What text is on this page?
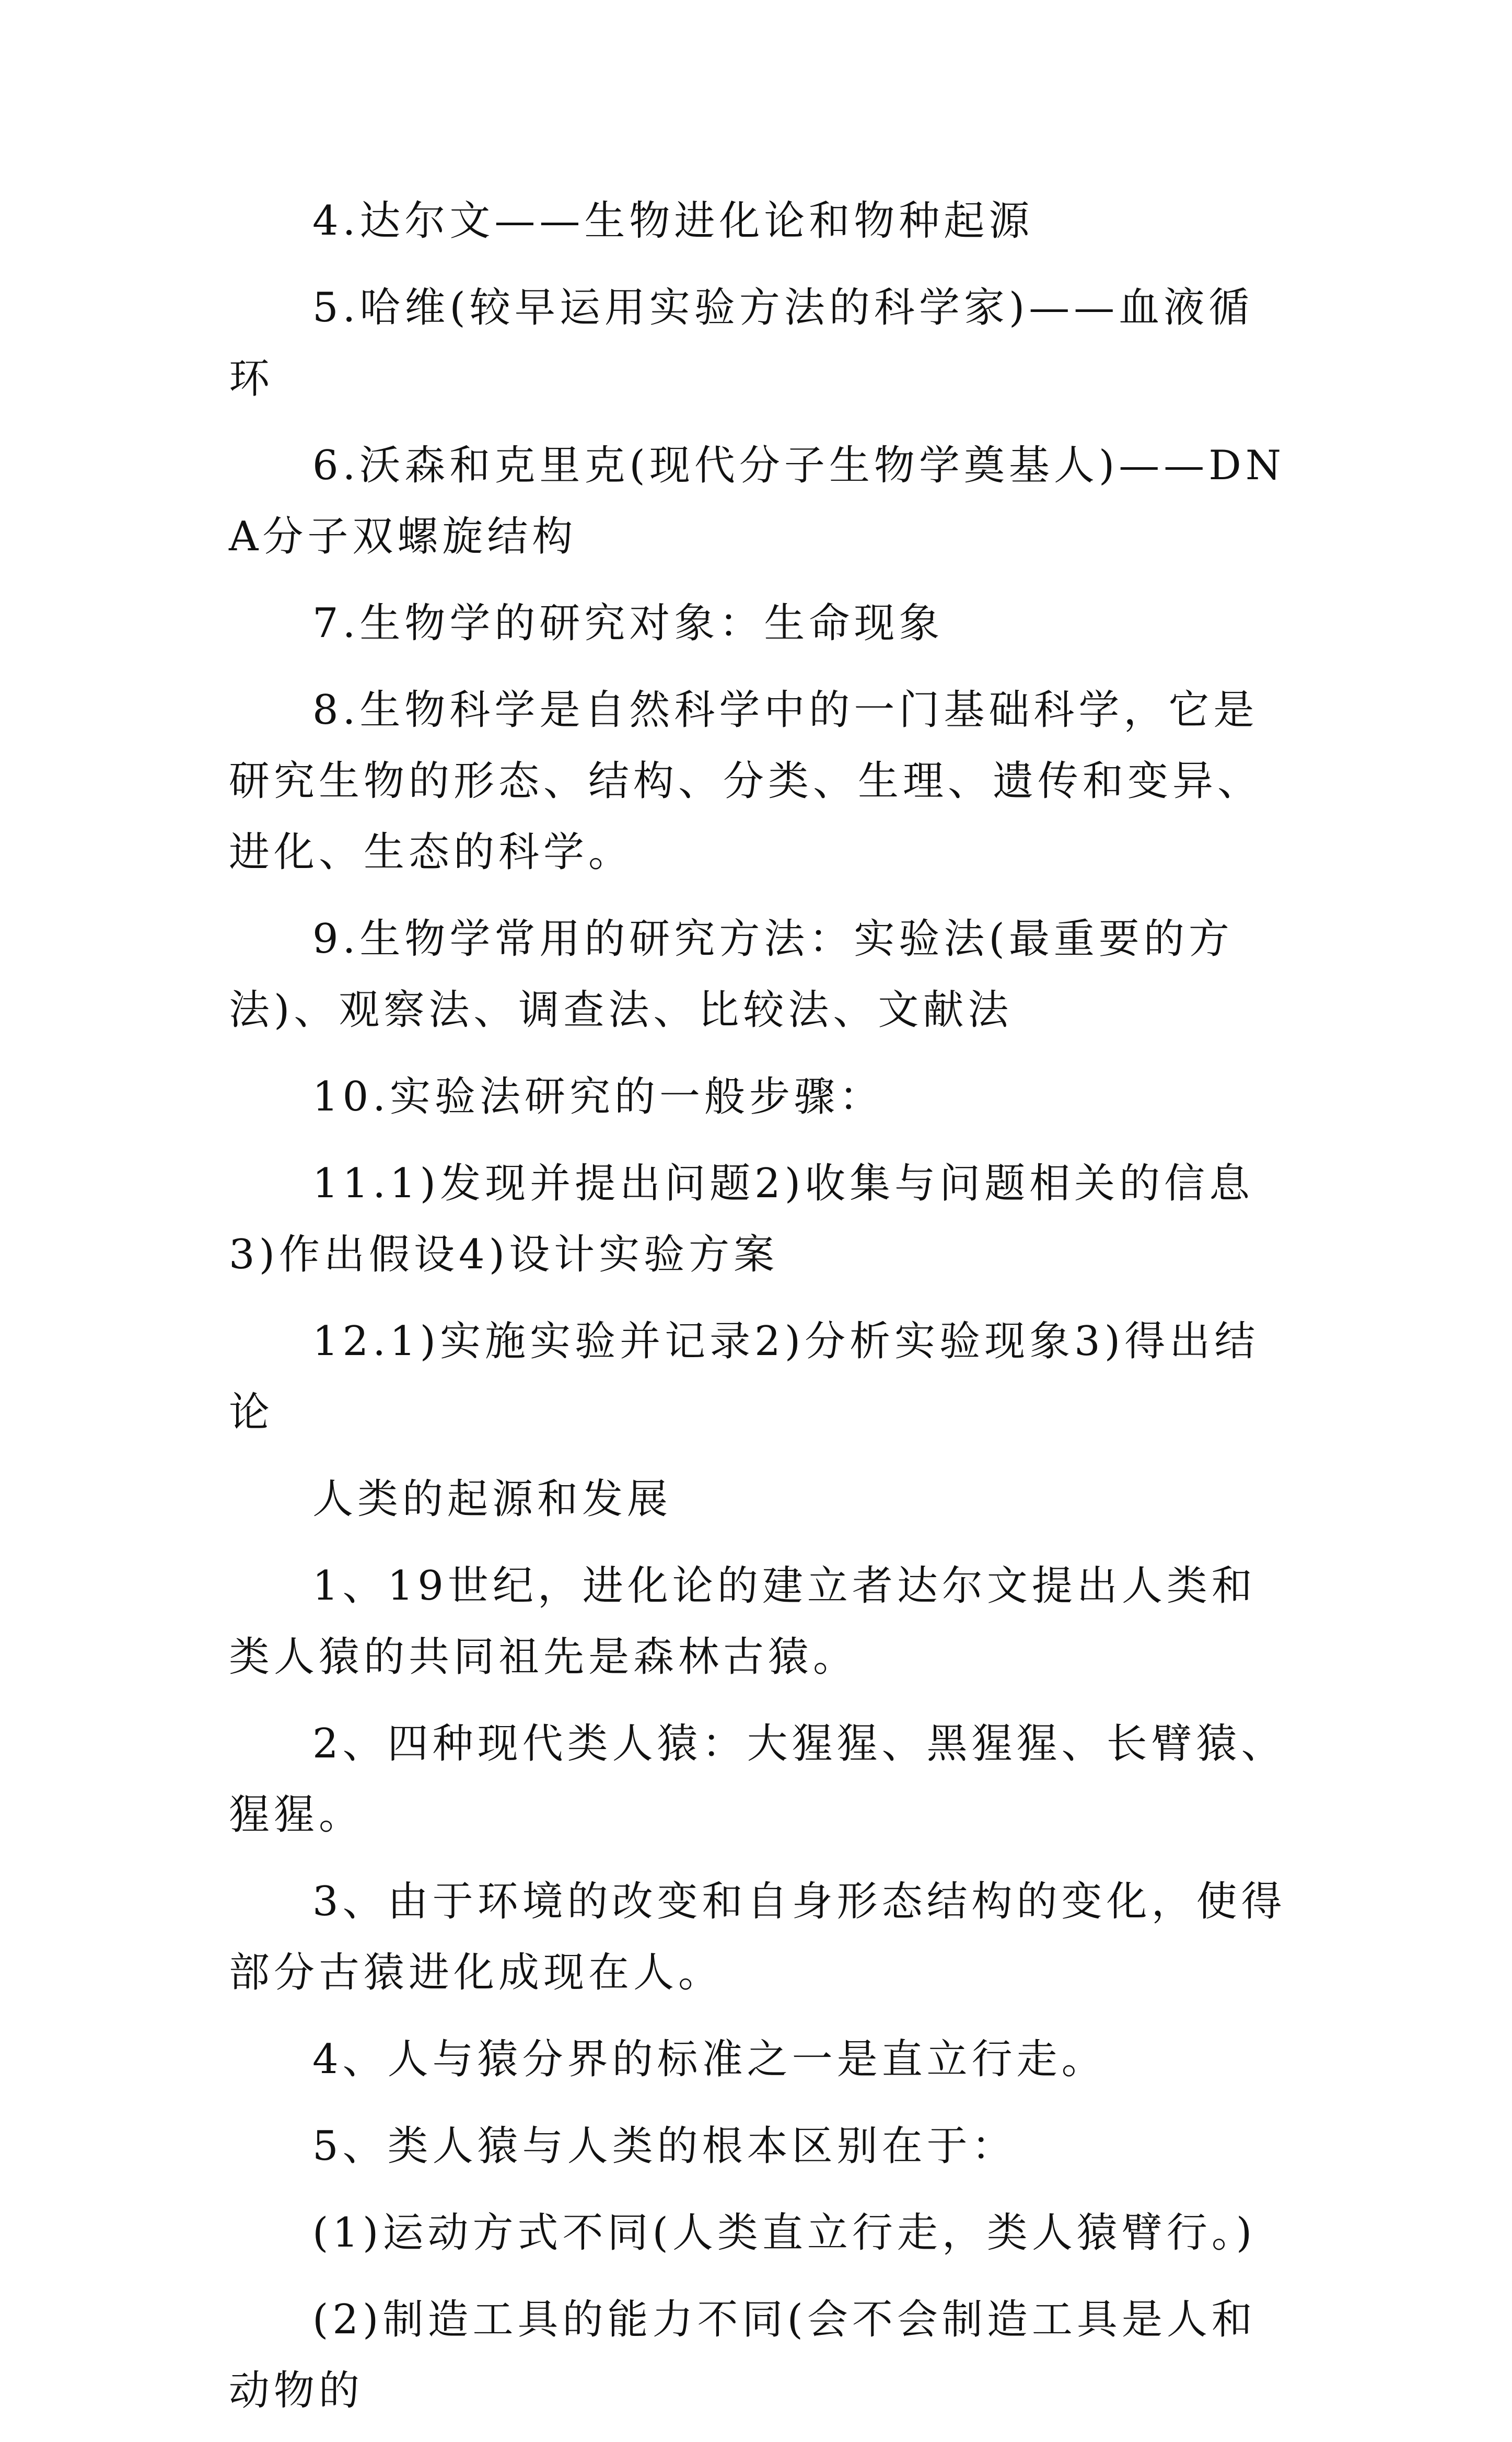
4.达尔文——生物进化论和物种起源

5.哈维(较早运用实验方法的科学家)——血液循环

6.沃森和克里克(现代分子生物学奠基人)——DNA分子双螺旋结构

7.生物学的研究对象：生命现象

8.生物科学是自然科学中的一门基础科学，它是研究生物的形态、结构、分类、生理、遗传和变异、进化、生态的科学。

9.生物学常用的研究方法：实验法(最重要的方法)、观察法、调查法、比较法、文献法

10.实验法研究的一般步骤：

11.1)发现并提出问题2)收集与问题相关的信息3)作出假设4)设计实验方案

12.1)实施实验并记录2)分析实验现象3)得出结论

人类的起源和发展

1、19世纪，进化论的建立者达尔文提出人类和类人猿的共同祖先是森林古猿。

2、四种现代类人猿：大猩猩、黑猩猩、长臂猿、猩猩。

3、由于环境的改变和自身形态结构的变化，使得部分古猿进化成现在人。

4、人与猿分界的标准之一是直立行走。

5、类人猿与人类的根本区别在于：

(1)运动方式不同(人类直立行走，类人猿臂行。)

(2)制造工具的能力不同(会不会制造工具是人和动物的
